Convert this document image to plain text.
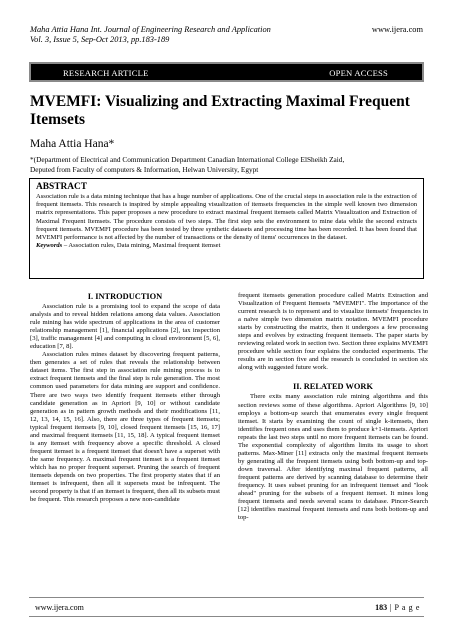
Maha Attia Hana Int. Journal of Engineering Research and Application
Vol. 3, Issue 5, Sep-Oct 2013, pp.183-189
www.ijera.com
RESEARCH ARTICLE	OPEN ACCESS
MVEMFI: Visualizing and Extracting Maximal Frequent Itemsets
Maha Attia Hana*
*(Department of Electrical and Communication Department Canadian International College ElSheikh Zaid,
Deputed from Faculty of computers & Information, Helwan University, Egypt
ABSTRACT
Association rule is a data mining technique that has a huge number of applications. One of the crucial steps in association rule is the extraction of frequent itemsets. This research is inspired by simple appealing visualization of itemsets frequencies in the simple well known two dimension matrix representations. This paper proposes a new procedure to extract maximal frequent itemsets called Matrix Visualization and Extraction of Maximal Frequent Itemsets. The procedure consists of two steps. The first step sets the environment to mine data while the second extracts frequent itemsets. MVEMFI procedure has been tested by three synthetic datasets and processing time has been recorded. It has been found that MVEMFI performance is not affected by the number of transactions or the density of items' occurrences in the dataset.
Keywords – Association rules, Data mining, Maximal frequent itemset
I. INTRODUCTION

Association rule is a promising tool to expand the scope of data analysis and to reveal hidden relations among data values. Association rule mining has wide spectrum of applications in the area of customer relationship management [1], financial applications [2], tax inspection [3], traffic management [4] and computing in cloud environment [5, 6], education [7, 8].

Association rules mines dataset by discovering frequent patterns, then generates a set of rules that reveals the relationship between dataset items. The first step in association rule mining process is to extract frequent itemsets and the final step is rule generation. The most common used parameters for data mining are support and confidence. There are two ways two identify frequent itemsets either through candidate generation as in Apriori [9, 10] or without candidate generation as in pattern growth methods and their modifications [11, 12, 13, 14, 15, 16]. Also, there are three types of frequent itemsets; typical frequent itemsets [9, 10], closed frequent itemsets [15, 16, 17] and maximal frequent itemsets [11, 15, 18]. A typical frequent itemset is any itemset with frequency above a specific threshold. A closed frequent itemset is a frequent itemset that doesn't have a superset with the same frequency. A maximal frequent itemset is a frequent itemset which has no proper frequent superset. Pruning the search of frequent itemsets depends on two properties. The first property states that if an itemset is infrequent, then all it supersets must be infrequent. The second property is that if an itemset is frequent, then all its subsets must be frequent. This research proposes a new non-candidate

frequent itemsets generation procedure called Matrix Extraction and Visualization of Frequent Itemsets "MVEMFI". The importance of the current research is to represent and to visualize itemsets' frequencies in a naïve simple two dimension matrix notation. MVEMFI procedure starts by constructing the matrix, then it undergoes a few processing steps and evolves by extracting frequent itemsets. The paper starts by reviewing related work in section two. Section three explains MVEMFI procedure while section four explains the conducted experiments. The results are in section five and the research is concluded in section six along with suggested future work.

II. RELATED WORK

There exits many association rule mining algorithms and this section reviews some of these algorithms. Apriori Algorithms [9, 10] employs a bottom-up search that enumerates every single frequent itemset. It starts by examining the count of single k-itemsets, then identifies frequent ones and uses them to produce k+1-itemsets. Apriori repeats the last two steps until no more frequent itemsets can be found. The exponential complexity of algorithm limits its usage to short patterns. Max-Miner [11] extracts only the maximal frequent itemsets by generating all the frequent itemsets using both bottom-up and top-down traversal. After identifying maximal frequent patterns, all frequent patterns are derived by scanning database to determine their frequency. It uses subset pruning for an infrequent itemset and "look ahead" pruning for the subsets of a frequent itemset. It mines long frequent itemsets and needs several scans to database. Pincer-Search [12] identifies maximal frequent itemsets and runs both bottom-up and top-

www.ijera.com	183 | P a g e
